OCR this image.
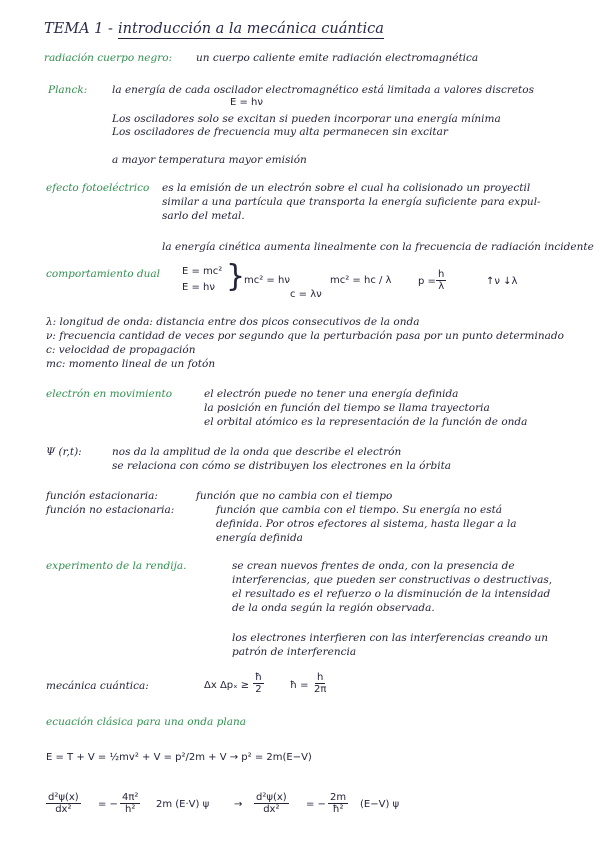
TEMA 1 - introducción a la mecánica cuántica
radiación cuerpo negro: un cuerpo caliente emite radiación electromagnética
Planck: la energía de cada oscilador electromagnético está limitada a valores discretos
E = hν
Los osciladores solo se excitan si pueden incorporar una energía mínima
Los osciladores de frecuencia muy alta permanecen sin excitar
a mayor temperatura mayor emisión
efecto fotoeléctrico es la emisión de un electrón sobre el cual ha colisionado un proyectil
similar a una partícula que transporta la energía suficiente para expul-
sarlo del metal.
la energía cinética aumenta linealmente con la frecuencia de radiación incidente
comportamiento dual E = mc²
E = hν }
mc² = hν
c = λν
mc² = hc / λ	$p = \frac{h}{\lambda}$	↑ν ↓λ
λ: longitud de onda: distancia entre dos picos consecutivos de la onda
ν: frecuencia cantidad de veces por segundo que la perturbación pasa por un punto determinado
c: velocidad de propagación
mc: momento lineal de un fotón
electrón en movimiento	el electrón puede no tener una energía definida
la posición en función del tiempo se llama trayectoria
el orbital atómico es la representación de la función de onda
Ψ (r,t):	nos da la amplitud de la onda que describe el electrón
se relaciona con cómo se distribuyen los electrones en la órbita
función estacionaria:	función que no cambia con el tiempo
función no estacionaria:	función que cambia con el tiempo. Su energía no está
definida. Por otros efectores al sistema, hasta llegar a la
energía definida
experimento de la rendija.	se crean nuevos frentes de onda, con la presencia de
interferencias, que pueden ser constructivas o destructivas,
el resultado es el refuerzo o la disminución de la intensidad
de la onda según la región observada.
los electrones interfieren con las interferencias creando un
patrón de interferencia
mecánica cuántica:	Δx $\Delta p_x \ge \frac{ħ}{2}$	ħ = $\frac{h}{2\pi}$
ecuación clásica para una onda plana
E = T + V = ½mv² + V = p²/2m + V → p² = 2m(E−V)
$\frac{\text{d²ψ(x)}}{\text{dx²}}$ = − $\frac{\text{4π²}}{\text{h²}} 2m$ (E·V) $\psi \to \frac{\text{d²ψ(x)}}{\text{dx²}}$ = − $\frac{2m}{\text{ħ²}} (E-V)$ ψ
